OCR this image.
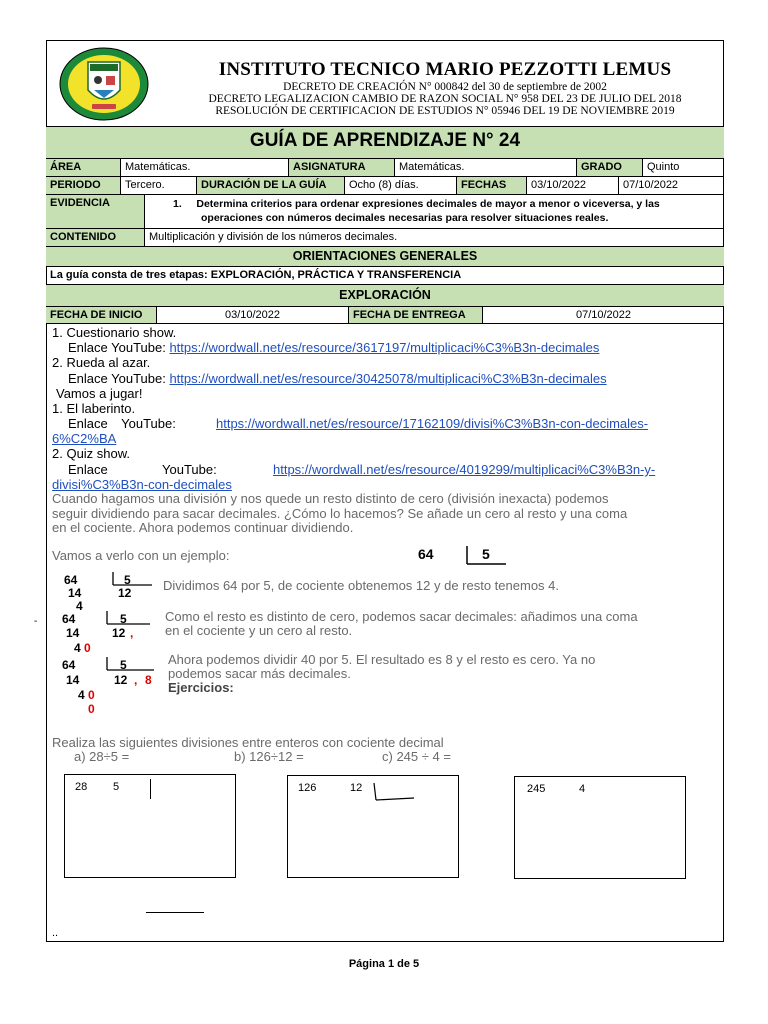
INSTITUTO TECNICO MARIO PEZZOTTI LEMUS
DECRETO DE CREACIÓN N° 000842 del 30 de septiembre de 2002
DECRETO LEGALIZACION CAMBIO DE RAZON SOCIAL N° 958 DEL 23 DE JULIO DEL 2018
RESOLUCIÓN DE CERTIFICACION DE ESTUDIOS N° 05946 DEL 19 DE NOVIEMBRE 2019
GUÍA DE APRENDIZAJE N° 24
ÁREA	Matemáticas.	ASIGNATURA	Matemáticas.	GRADO	Quinto
PERIODO	Tercero.	DURACIÓN DE LA GUÍA	Ocho (8) días.	FECHAS	03/10/2022	07/10/2022
EVIDENCIA	1. Determina criterios para ordenar expresiones decimales de mayor a menor o viceversa, y las
operaciones con números decimales necesarias para resolver situaciones reales.
CONTENIDO	Multiplicación y división de los números decimales.
ORIENTACIONES GENERALES
La guía consta de tres etapas: EXPLORACIÓN, PRÁCTICA Y TRANSFERENCIA
EXPLORACIÓN
FECHA DE INICIO	03/10/2022	FECHA DE ENTREGA	07/10/2022
1. Cuestionario show.
Enlace YouTube: https://wordwall.net/es/resource/3617197/multiplicaci%C3%B3n-decimales
2. Rueda al azar.
Enlace YouTube: https://wordwall.net/es/resource/30425078/multiplicaci%C3%B3n-decimales
Vamos a jugar!
1. El laberinto.
Enlace YouTube:	https://wordwall.net/es/resource/17162109/divisi%C3%B3n-con-decimales-
6%C2%BA
2. Quiz show.
Enlace	YouTube:	https://wordwall.net/es/resource/4019299/multiplicaci%C3%B3n-y-
divisi%C3%B3n-con-decimales
Cuando hagamos una división y nos quede un resto distinto de cero (división inexacta) podemos
seguir dividiendo para sacar decimales. ¿Cómo lo hacemos? Se añade un cero al resto y una coma
en el cociente. Ahora podemos continuar dividiendo.
Vamos a verlo con un ejemplo:	64	5
64	5
14	12
4
Dividimos 64 por 5, de cociente obtenemos 12 y de resto tenemos 4.
64	5
14	12 ,
4 0
Como el resto es distinto de cero, podemos sacar decimales: añadimos una coma
en el cociente y un cero al resto.
64	5
14	12 , 8
4 0
0
Ahora podemos dividir 40 por 5. El resultado es 8 y el resto es cero. Ya no
podemos sacar más decimales.
Ejercicios:
Realiza las siguientes divisiones entre enteros con cociente decimal
a) 28÷5 =	b) 126÷12 =	c) 245 ÷ 4 =
28 5	126	12	245	4
-
..
Página 1 de 5
